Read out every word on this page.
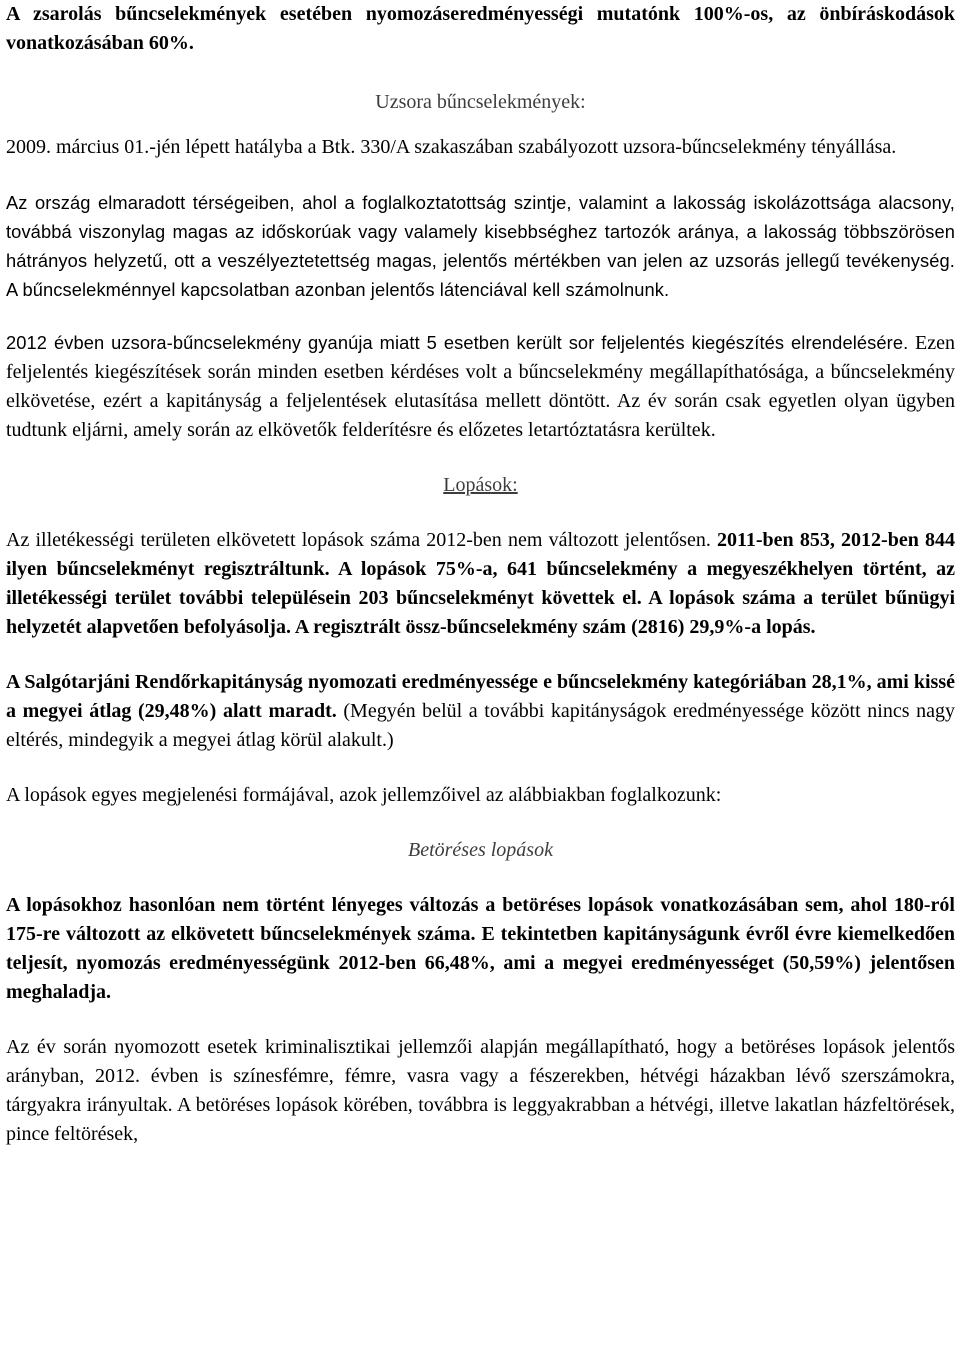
A zsarolás bűncselekmények esetében nyomozáseredményességi mutatónk 100%-os, az önbíráskodások vonatkozásában 60%.

Uzsora bűncselekmények:

2009. március 01.-jén lépett hatályba a Btk. 330/A szakaszában szabályozott uzsora-bűncselekmény tényállása.

Az ország elmaradott térségeiben, ahol a foglalkoztatottság szintje, valamint a lakosság iskolázottsága alacsony, továbbá viszonylag magas az időskorúak vagy valamely kisebbséghez tartozók aránya, a lakosság többszörösen hátrányos helyzetű, ott a veszélyeztetettség magas, jelentős mértékben van jelen az uzsorás jellegű tevékenység. A bűncselekménnyel kapcsolatban azonban jelentős látenciával kell számolnunk.

2012 évben uzsora-bűncselekmény gyanúja miatt 5 esetben került sor feljelentés kiegészítés elrendelésére. Ezen feljelentés kiegészítések során minden esetben kérdéses volt a bűncselekmény megállapíthatósága, a bűncselekmény elkövetése, ezért a kapitányság a feljelentések elutasítása mellett döntött. Az év során csak egyetlen olyan ügyben tudtunk eljárni, amely során az elkövetők felderítésre és előzetes letartóztatásra kerültek.

Lopások:

Az illetékességi területen elkövetett lopások száma 2012-ben nem változott jelentősen. 2011-ben 853, 2012-ben 844 ilyen bűncselekményt regisztráltunk. A lopások 75%-a, 641 bűncselekmény a megyeszékhelyen történt, az illetékességi terület további településein 203 bűncselekményt követtek el. A lopások száma a terület bűnügyi helyzetét alapvetően befolyásolja. A regisztrált össz-bűncselekmény szám (2816) 29,9%-a lopás.

A Salgótarjáni Rendőrkapitányság nyomozati eredményessége e bűncselekmény kategóriában 28,1%, ami kissé a megyei átlag (29,48%) alatt maradt. (Megyén belül a további kapitányságok eredményessége között nincs nagy eltérés, mindegyik a megyei átlag körül alakult.)

A lopások egyes megjelenési formájával, azok jellemzőivel az alábbiakban foglalkozunk:

Betöréses lopások

A lopásokhoz hasonlóan nem történt lényeges változás a betöréses lopások vonatkozásában sem, ahol 180-ról 175-re változott az elkövetett bűncselekmények száma. E tekintetben kapitányságunk évről évre kiemelkedően teljesít, nyomozás eredményességünk 2012-ben 66,48%, ami a megyei eredményességet (50,59%) jelentősen meghaladja.

Az év során nyomozott esetek kriminalisztikai jellemzői alapján megállapítható, hogy a betöréses lopások jelentős arányban, 2012. évben is színesfémre, fémre, vasra vagy a fészerekben, hétvégi házakban lévő szerszámokra, tárgyakra irányultak. A betöréses lopások körében, továbbra is leggyakrabban a hétvégi, illetve lakatlan házfeltörések, pince feltörések,
